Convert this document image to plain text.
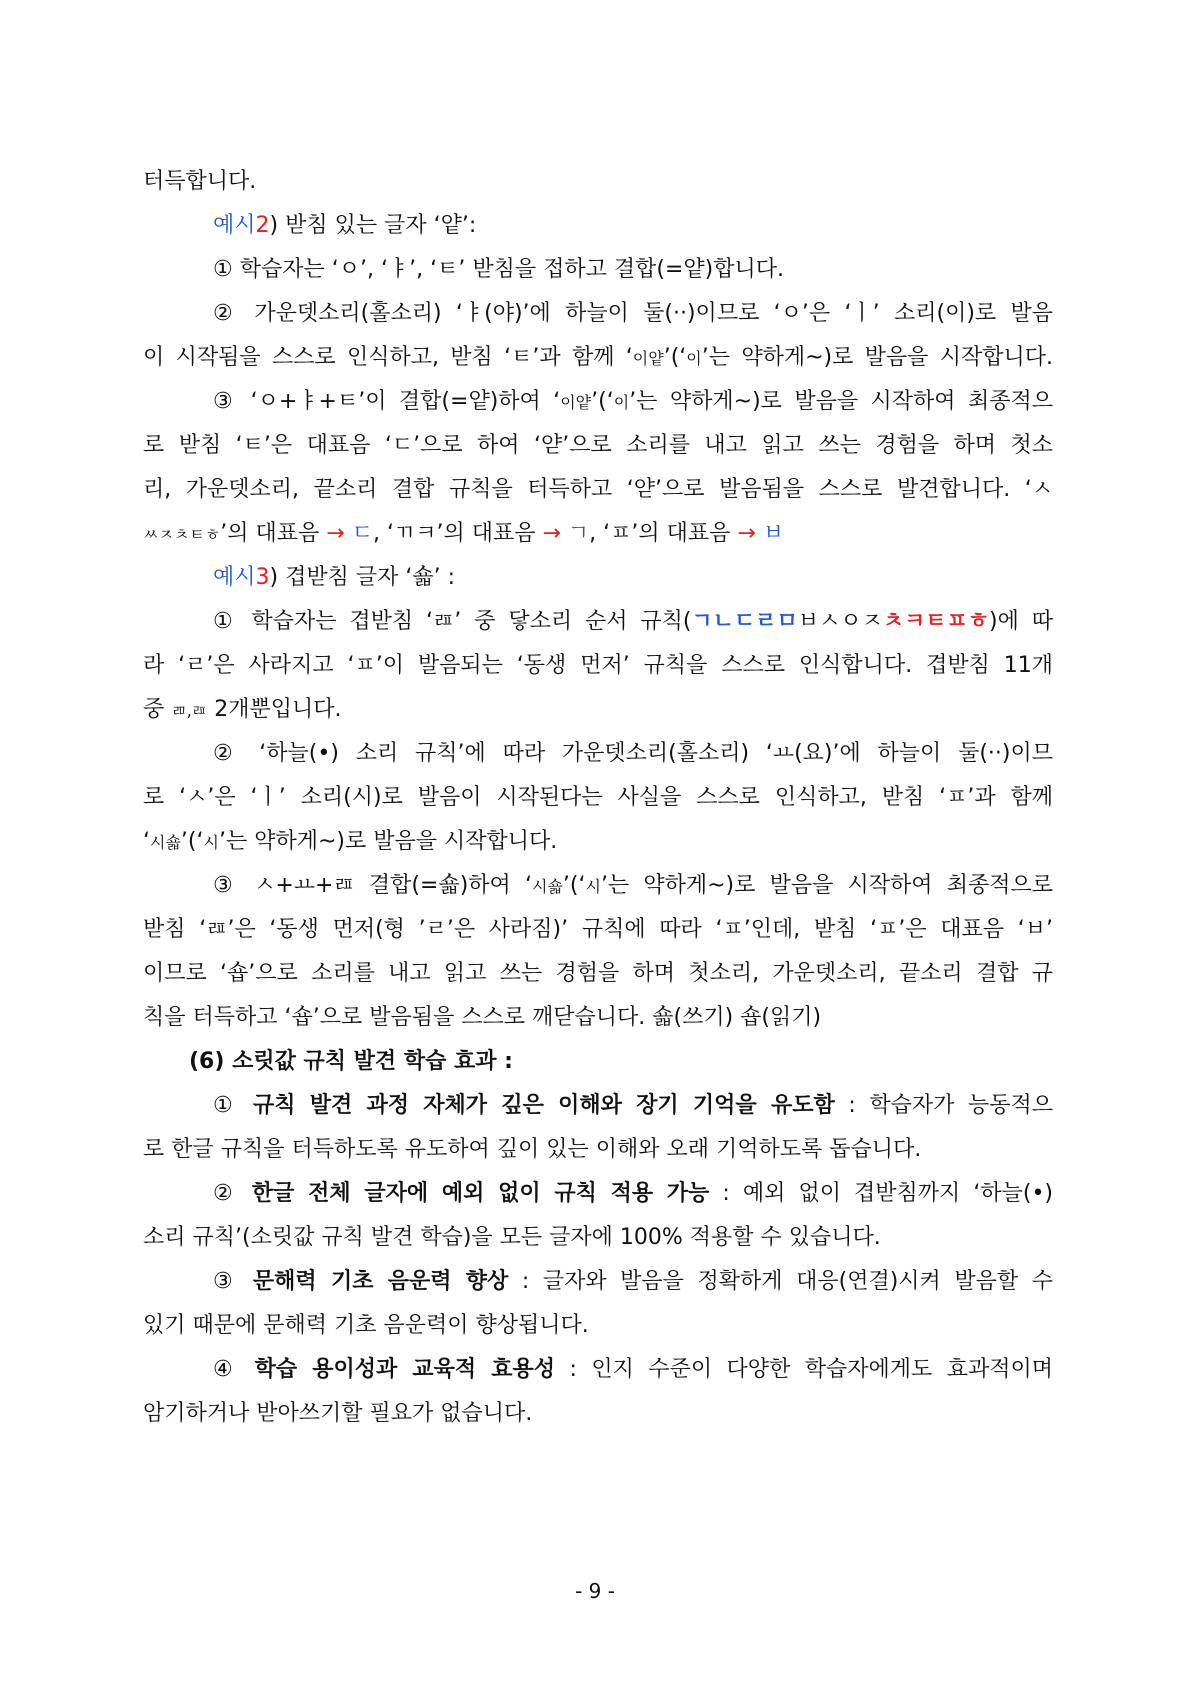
터득합니다.
예시2) 받침 있는 글자 ‘얕’:
① 학습자는 ‘ㅇ’, ‘ㅑ’, ‘ㅌ’ 받침을 접하고 결합(=얕)합니다.
② 가운뎃소리(홀소리) ‘ㅑ(야)’에 하늘이 둘(··)이므로 ‘ㅇ’은 ‘ㅣ’ 소리(이)로 발음
이 시작됨을 스스로 인식하고, 받침 ‘ㅌ’과 함께 ‘이얕’(‘이’는 약하게~)로 발음을 시작합니다.
③ ‘ㅇ+ㅑ+ㅌ’이 결합(=얕)하여 ‘이얕’(‘이’는 약하게~)로 발음을 시작하여 최종적으
로 받침 ‘ㅌ’은 대표음 ‘ㄷ’으로 하여 ‘얃’으로 소리를 내고 읽고 쓰는 경험을 하며 첫소
리, 가운뎃소리, 끝소리 결합 규칙을 터득하고 ‘얃’으로 발음됨을 스스로 발견합니다. ‘ㅅ
ㅆㅈㅊㅌㅎ’의 대표음 → ㄷ, ‘ㄲㅋ’의 대표음 → ㄱ, ‘ㅍ’의 대표음 → ㅂ
예시3) 겹받침 글자 ‘숇’ :
① 학습자는 겹받침 ‘ㄿ’ 중 닿소리 순서 규칙(ㄱㄴㄷㄹㅁㅂㅅㅇㅈㅊㅋㅌㅍㅎ)에 따
라 ‘ㄹ’은 사라지고 ‘ㅍ’이 발음되는 ‘동생 먼저’ 규칙을 스스로 인식합니다. 겹받침 11개
중 ㄻ,ㄿ 2개뿐입니다.
② ‘하늘(•) 소리 규칙’에 따라 가운뎃소리(홀소리) ‘ㅛ(요)’에 하늘이 둘(··)이므
로 ‘ㅅ’은 ‘ㅣ’ 소리(시)로 발음이 시작된다는 사실을 스스로 인식하고, 받침 ‘ㅍ’과 함께
‘시숇’(‘시’는 약하게~)로 발음을 시작합니다.
③ ㅅ+ㅛ+ㄿ 결합(=숇)하여 ‘시숇’(‘시’는 약하게~)로 발음을 시작하여 최종적으로
받침 ‘ㄿ’은 ‘동생 먼저(형 ’ㄹ’은 사라짐)’ 규칙에 따라 ‘ㅍ’인데, 받침 ‘ㅍ’은 대표음 ‘ㅂ’
이므로 ‘숍’으로 소리를 내고 읽고 쓰는 경험을 하며 첫소리, 가운뎃소리, 끝소리 결합 규
칙을 터득하고 ‘숍’으로 발음됨을 스스로 깨닫습니다. 숇(쓰기) 숍(읽기)
(6) 소릿값 규칙 발견 학습 효과 :
① 규칙 발견 과정 자체가 깊은 이해와 장기 기억을 유도함 : 학습자가 능동적으
로 한글 규칙을 터득하도록 유도하여 깊이 있는 이해와 오래 기억하도록 돕습니다.
② 한글 전체 글자에 예외 없이 규칙 적용 가능 : 예외 없이 겹받침까지 ‘하늘(•)
소리 규칙’(소릿값 규칙 발견 학습)을 모든 글자에 100% 적용할 수 있습니다.
③ 문해력 기초 음운력 향상 : 글자와 발음을 정확하게 대응(연결)시켜 발음할 수
있기 때문에 문해력 기초 음운력이 향상됩니다.
④ 학습 용이성과 교육적 효용성 : 인지 수준이 다양한 학습자에게도 효과적이며
암기하거나 받아쓰기할 필요가 없습니다.
- 9 -
